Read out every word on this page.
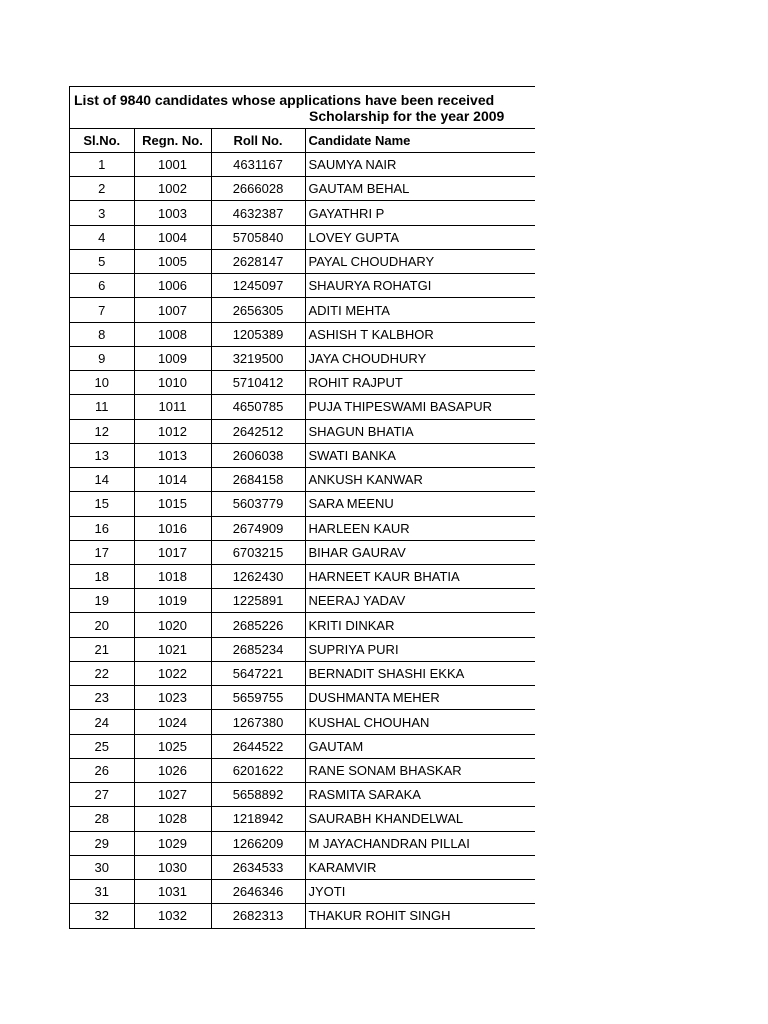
List of 9840 candidates whose applications have been received
Scholarship for the year 2009
Sl.No.	Regn. No.	Roll No.	Candidate Name
1	1001	4631167	SAUMYA NAIR
2	1002	2666028	GAUTAM BEHAL
3	1003	4632387	GAYATHRI P
4	1004	5705840	LOVEY GUPTA
5	1005	2628147	PAYAL CHOUDHARY
6	1006	1245097	SHAURYA ROHATGI
7	1007	2656305	ADITI MEHTA
8	1008	1205389	ASHISH T KALBHOR
9	1009	3219500	JAYA CHOUDHURY
10	1010	5710412	ROHIT RAJPUT
11	1011	4650785	PUJA THIPESWAMI BASAPUR
12	1012	2642512	SHAGUN BHATIA
13	1013	2606038	SWATI BANKA
14	1014	2684158	ANKUSH KANWAR
15	1015	5603779	SARA MEENU
16	1016	2674909	HARLEEN KAUR
17	1017	6703215	BIHAR GAURAV
18	1018	1262430	HARNEET KAUR BHATIA
19	1019	1225891	NEERAJ YADAV
20	1020	2685226	KRITI DINKAR
21	1021	2685234	SUPRIYA PURI
22	1022	5647221	BERNADIT SHASHI EKKA
23	1023	5659755	DUSHMANTA MEHER
24	1024	1267380	KUSHAL CHOUHAN
25	1025	2644522	GAUTAM
26	1026	6201622	RANE SONAM BHASKAR
27	1027	5658892	RASMITA SARAKA
28	1028	1218942	SAURABH KHANDELWAL
29	1029	1266209	M JAYACHANDRAN PILLAI
30	1030	2634533	KARAMVIR
31	1031	2646346	JYOTI
32	1032	2682313	THAKUR ROHIT SINGH
